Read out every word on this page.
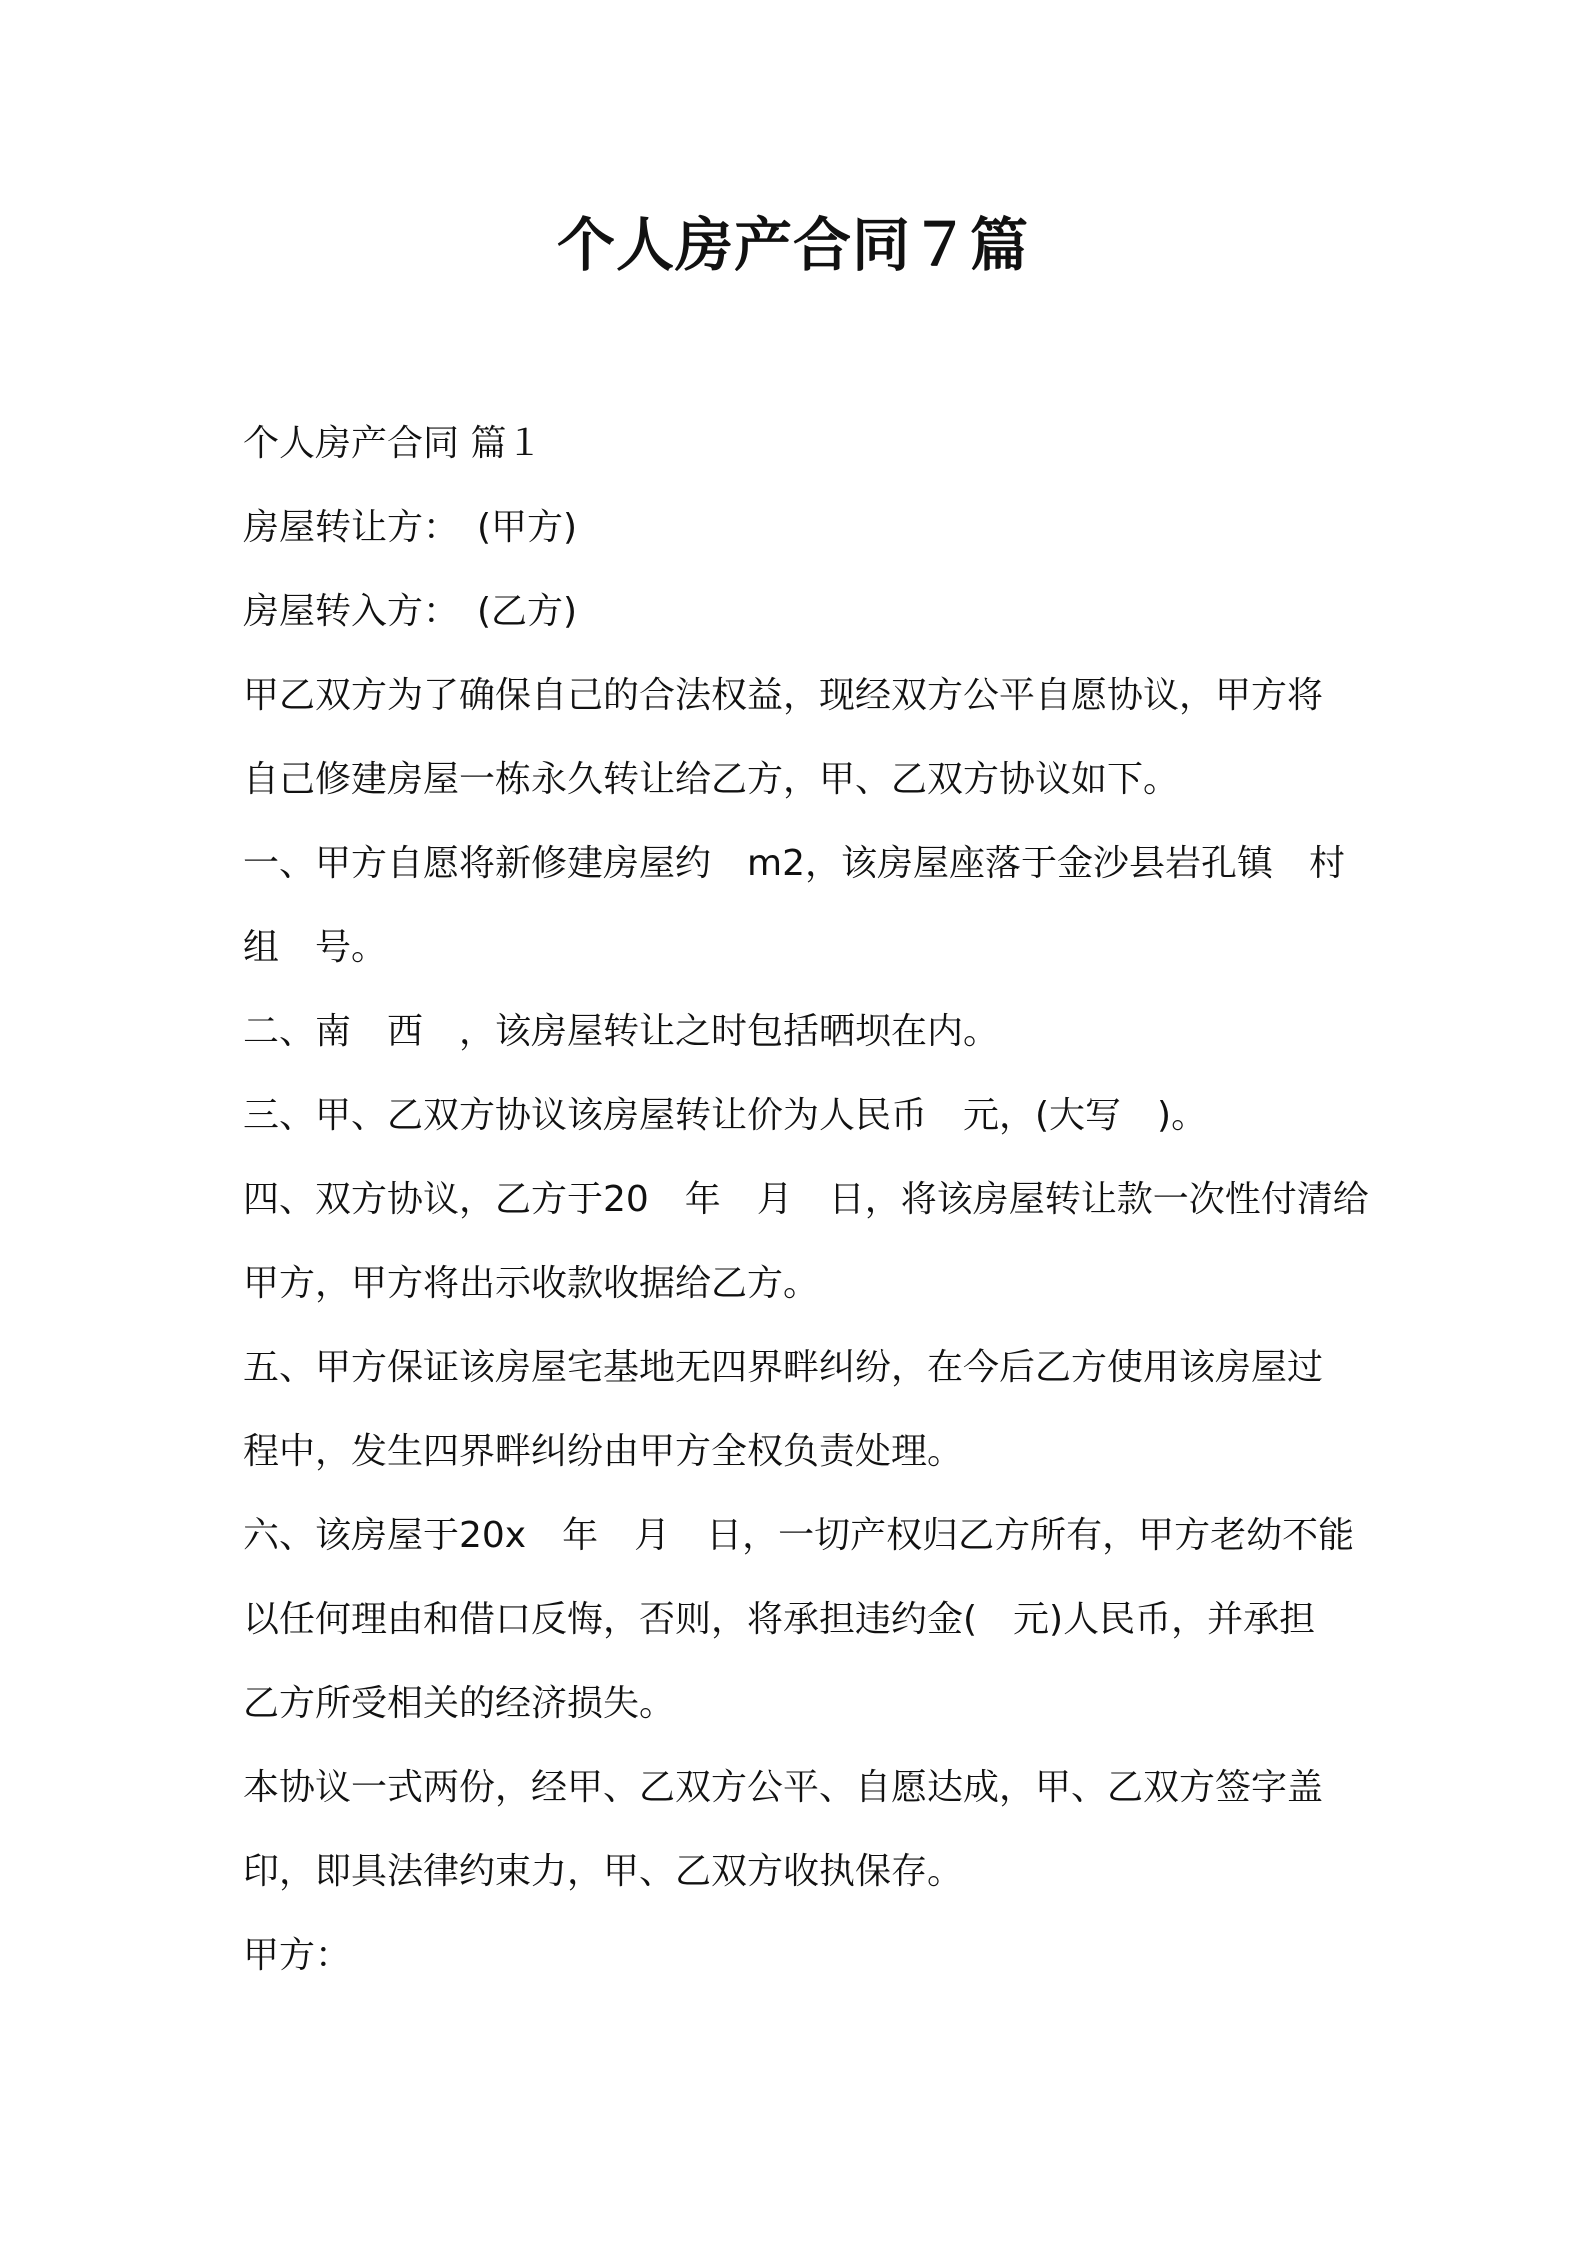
个人房产合同７篇

个人房产合同 篇１

房屋转让方：　(甲方)

房屋转入方：　(乙方)

甲乙双方为了确保自己的合法权益，现经双方公平自愿协议，甲方将

自己修建房屋一栋永久转让给乙方，甲、乙双方协议如下。

一、甲方自愿将新修建房屋约　m2，该房屋座落于金沙县岩孔镇　村

组　号。

二、南　西　，该房屋转让之时包括晒坝在内。

三、甲、乙双方协议该房屋转让价为人民币　元，(大写　)。

四、双方协议，乙方于20　年　月　日，将该房屋转让款一次性付清给

甲方，甲方将出示收款收据给乙方。

五、甲方保证该房屋宅基地无四界畔纠纷，在今后乙方使用该房屋过

程中，发生四界畔纠纷由甲方全权负责处理。

六、该房屋于20x　年　月　日，一切产权归乙方所有，甲方老幼不能

以任何理由和借口反悔，否则，将承担违约金(　元)人民币，并承担

乙方所受相关的经济损失。

本协议一式两份，经甲、乙双方公平、自愿达成，甲、乙双方签字盖

印，即具法律约束力，甲、乙双方收执保存。

甲方：
